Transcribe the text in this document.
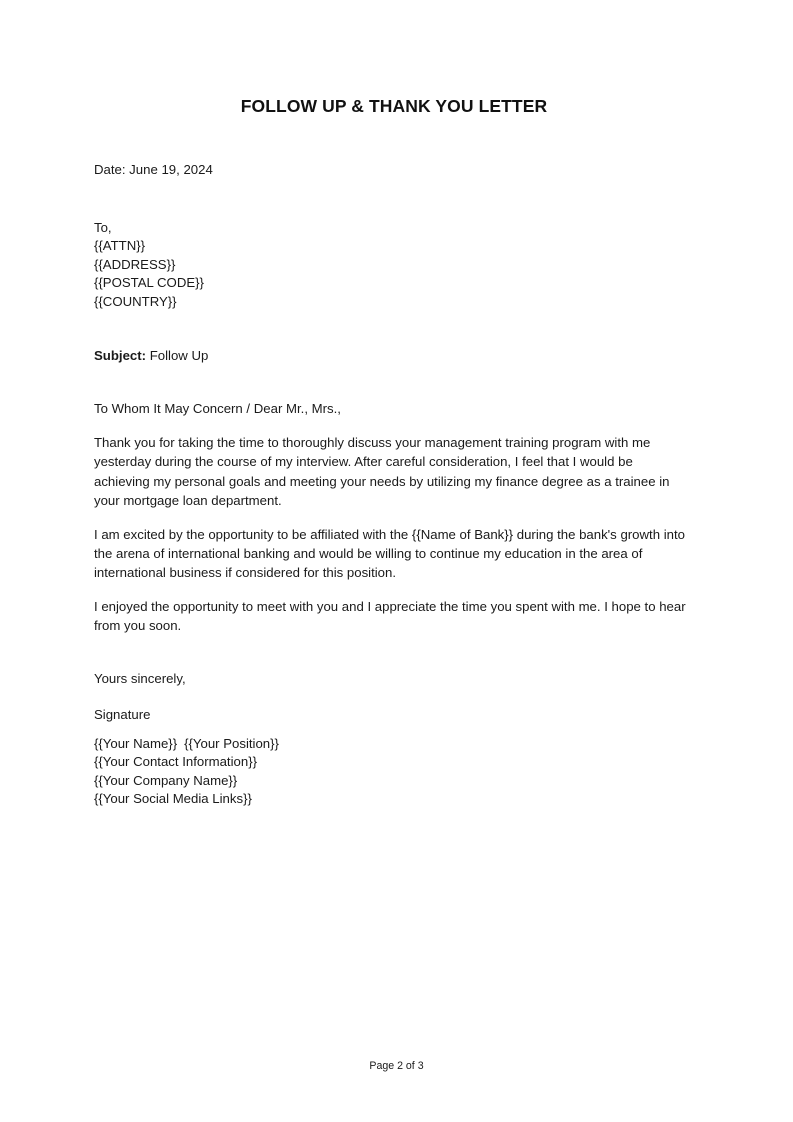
FOLLOW UP & THANK YOU LETTER
Date: June 19, 2024
To,
{{ATTN}}
{{ADDRESS}}
{{POSTAL CODE}}
{{COUNTRY}}
Subject: Follow Up
To Whom It May Concern / Dear Mr., Mrs.,

Thank you for taking the time to thoroughly discuss your management training program with me yesterday during the course of my interview. After careful consideration, I feel that I would be achieving my personal goals and meeting your needs by utilizing my finance degree as a trainee in your mortgage loan department.

I am excited by the opportunity to be affiliated with the {{Name of Bank}} during the bank's growth into the arena of international banking and would be willing to continue my education in the area of international business if considered for this position.

I enjoyed the opportunity to meet with you and I appreciate the time you spent with me. I hope to hear from you soon.

Yours sincerely,
Signature
{{Your Name}} {{Your Position}}
{{Your Contact Information}}
{{Your Company Name}}
{{Your Social Media Links}}
Page 2 of 3
